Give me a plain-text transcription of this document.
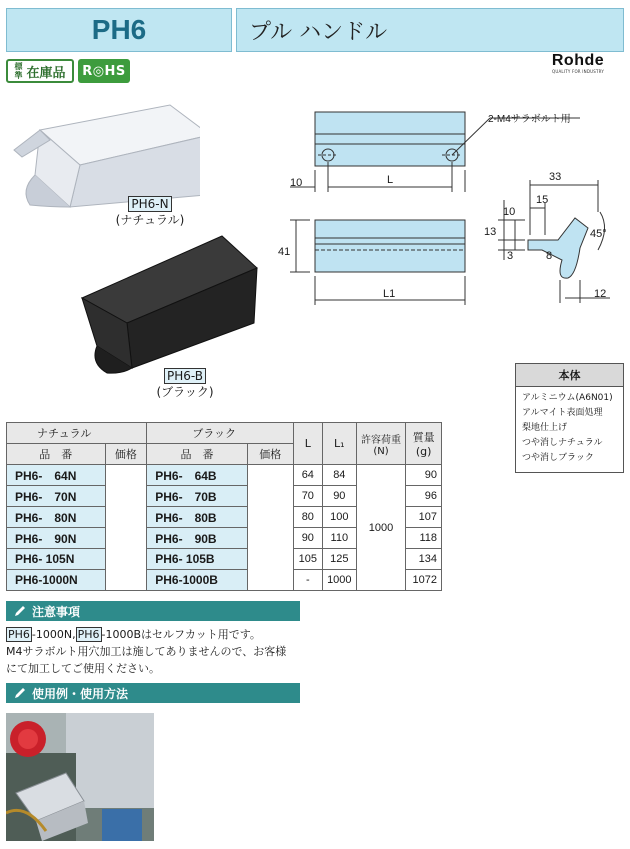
PH6	プル ハンドル
標準 在庫品	R◎HS
Rohde
QUALITY FOR INDUSTRY
PH6-N
(ナチュラル)
PH6-B
(ブラック)
2-M4サラボルト用
10	L
41
L1
33
15
10
13
3	8
45°
12
本体
アルミニウム(A6N01)
アルマイト表面処理
梨地仕上げ
つや消しナチュラル
つや消しブラック
ナチュラル		ブラック		L	L₁	許容荷重
(N)	質量
(g)
品　番	価格	品　番	価格				
PH6-　64N		PH6-　64B		64	84	1000	90
PH6-　70N		PH6-　70B		70	90		96
PH6-　80N		PH6-　80B		80	100		107
PH6-　90N		PH6-　90B		90	110		118
PH6- 105N		PH6- 105B		105	125		134
PH6-1000N		PH6-1000B		-	1000		1072
注意事項
PH6 -1000N, PH6 -1000Bはセルフカット用です。
M4サラボルト用穴加工は施してありませんので、お客様
にて加工してご使用ください。
使用例・使用方法
